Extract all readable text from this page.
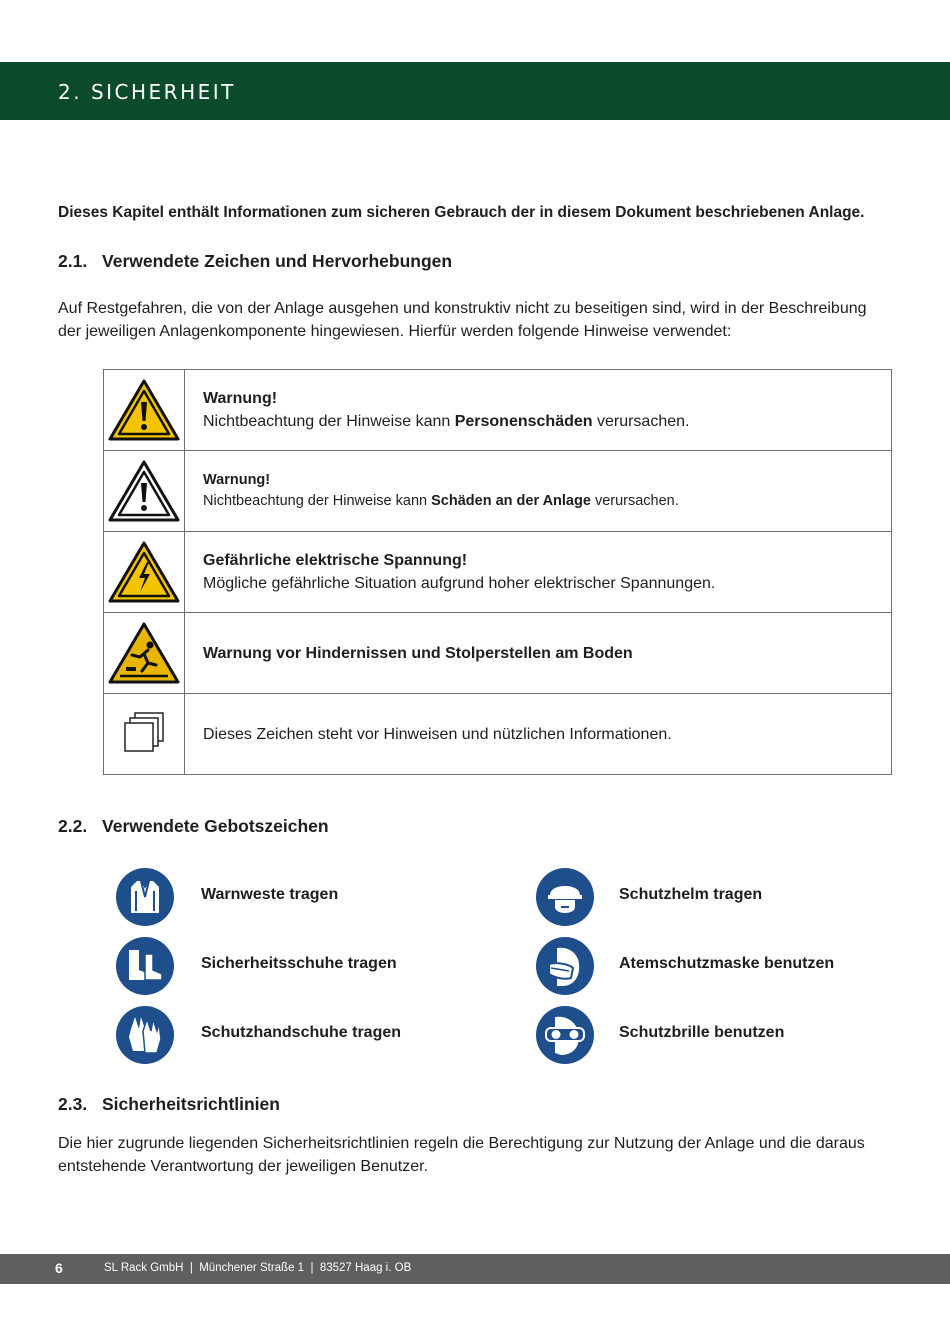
2. SICHERHEIT

Dieses Kapitel enthält Informationen zum sicheren Gebrauch der in diesem Dokument beschriebenen Anlage.

2.1. Verwendete Zeichen und Hervorhebungen

Auf Restgefahren, die von der Anlage ausgehen und konstruktiv nicht zu beseitigen sind, wird in der Beschreibung
der jeweiligen Anlagenkomponente hingewiesen. Hierfür werden folgende Hinweise verwendet:

Warnung!
Nichtbeachtung der Hinweise kann Personenschäden verursachen.

Warnung!
Nichtbeachtung der Hinweise kann Schäden an der Anlage verursachen.

Gefährliche elektrische Spannung!
Mögliche gefährliche Situation aufgrund hoher elektrischer Spannungen.

Warnung vor Hindernissen und Stolperstellen am Boden

Dieses Zeichen steht vor Hinweisen und nützlichen Informationen.
2.2. Verwendete Gebotszeichen
Warnweste tragen	Schutzhelm tragen
Sicherheitsschuhe tragen	Atemschutzmaske benutzen
Schutzhandschuhe tragen	Schutzbrille benutzen
2.3. Sicherheitsrichtlinien

Die hier zugrunde liegenden Sicherheitsrichtlinien regeln die Berechtigung zur Nutzung der Anlage und die daraus
entstehende Verantwortung der jeweiligen Benutzer.

6	SL Rack GmbH  |  Münchener Straße 1  |  83527 Haag i. OB
